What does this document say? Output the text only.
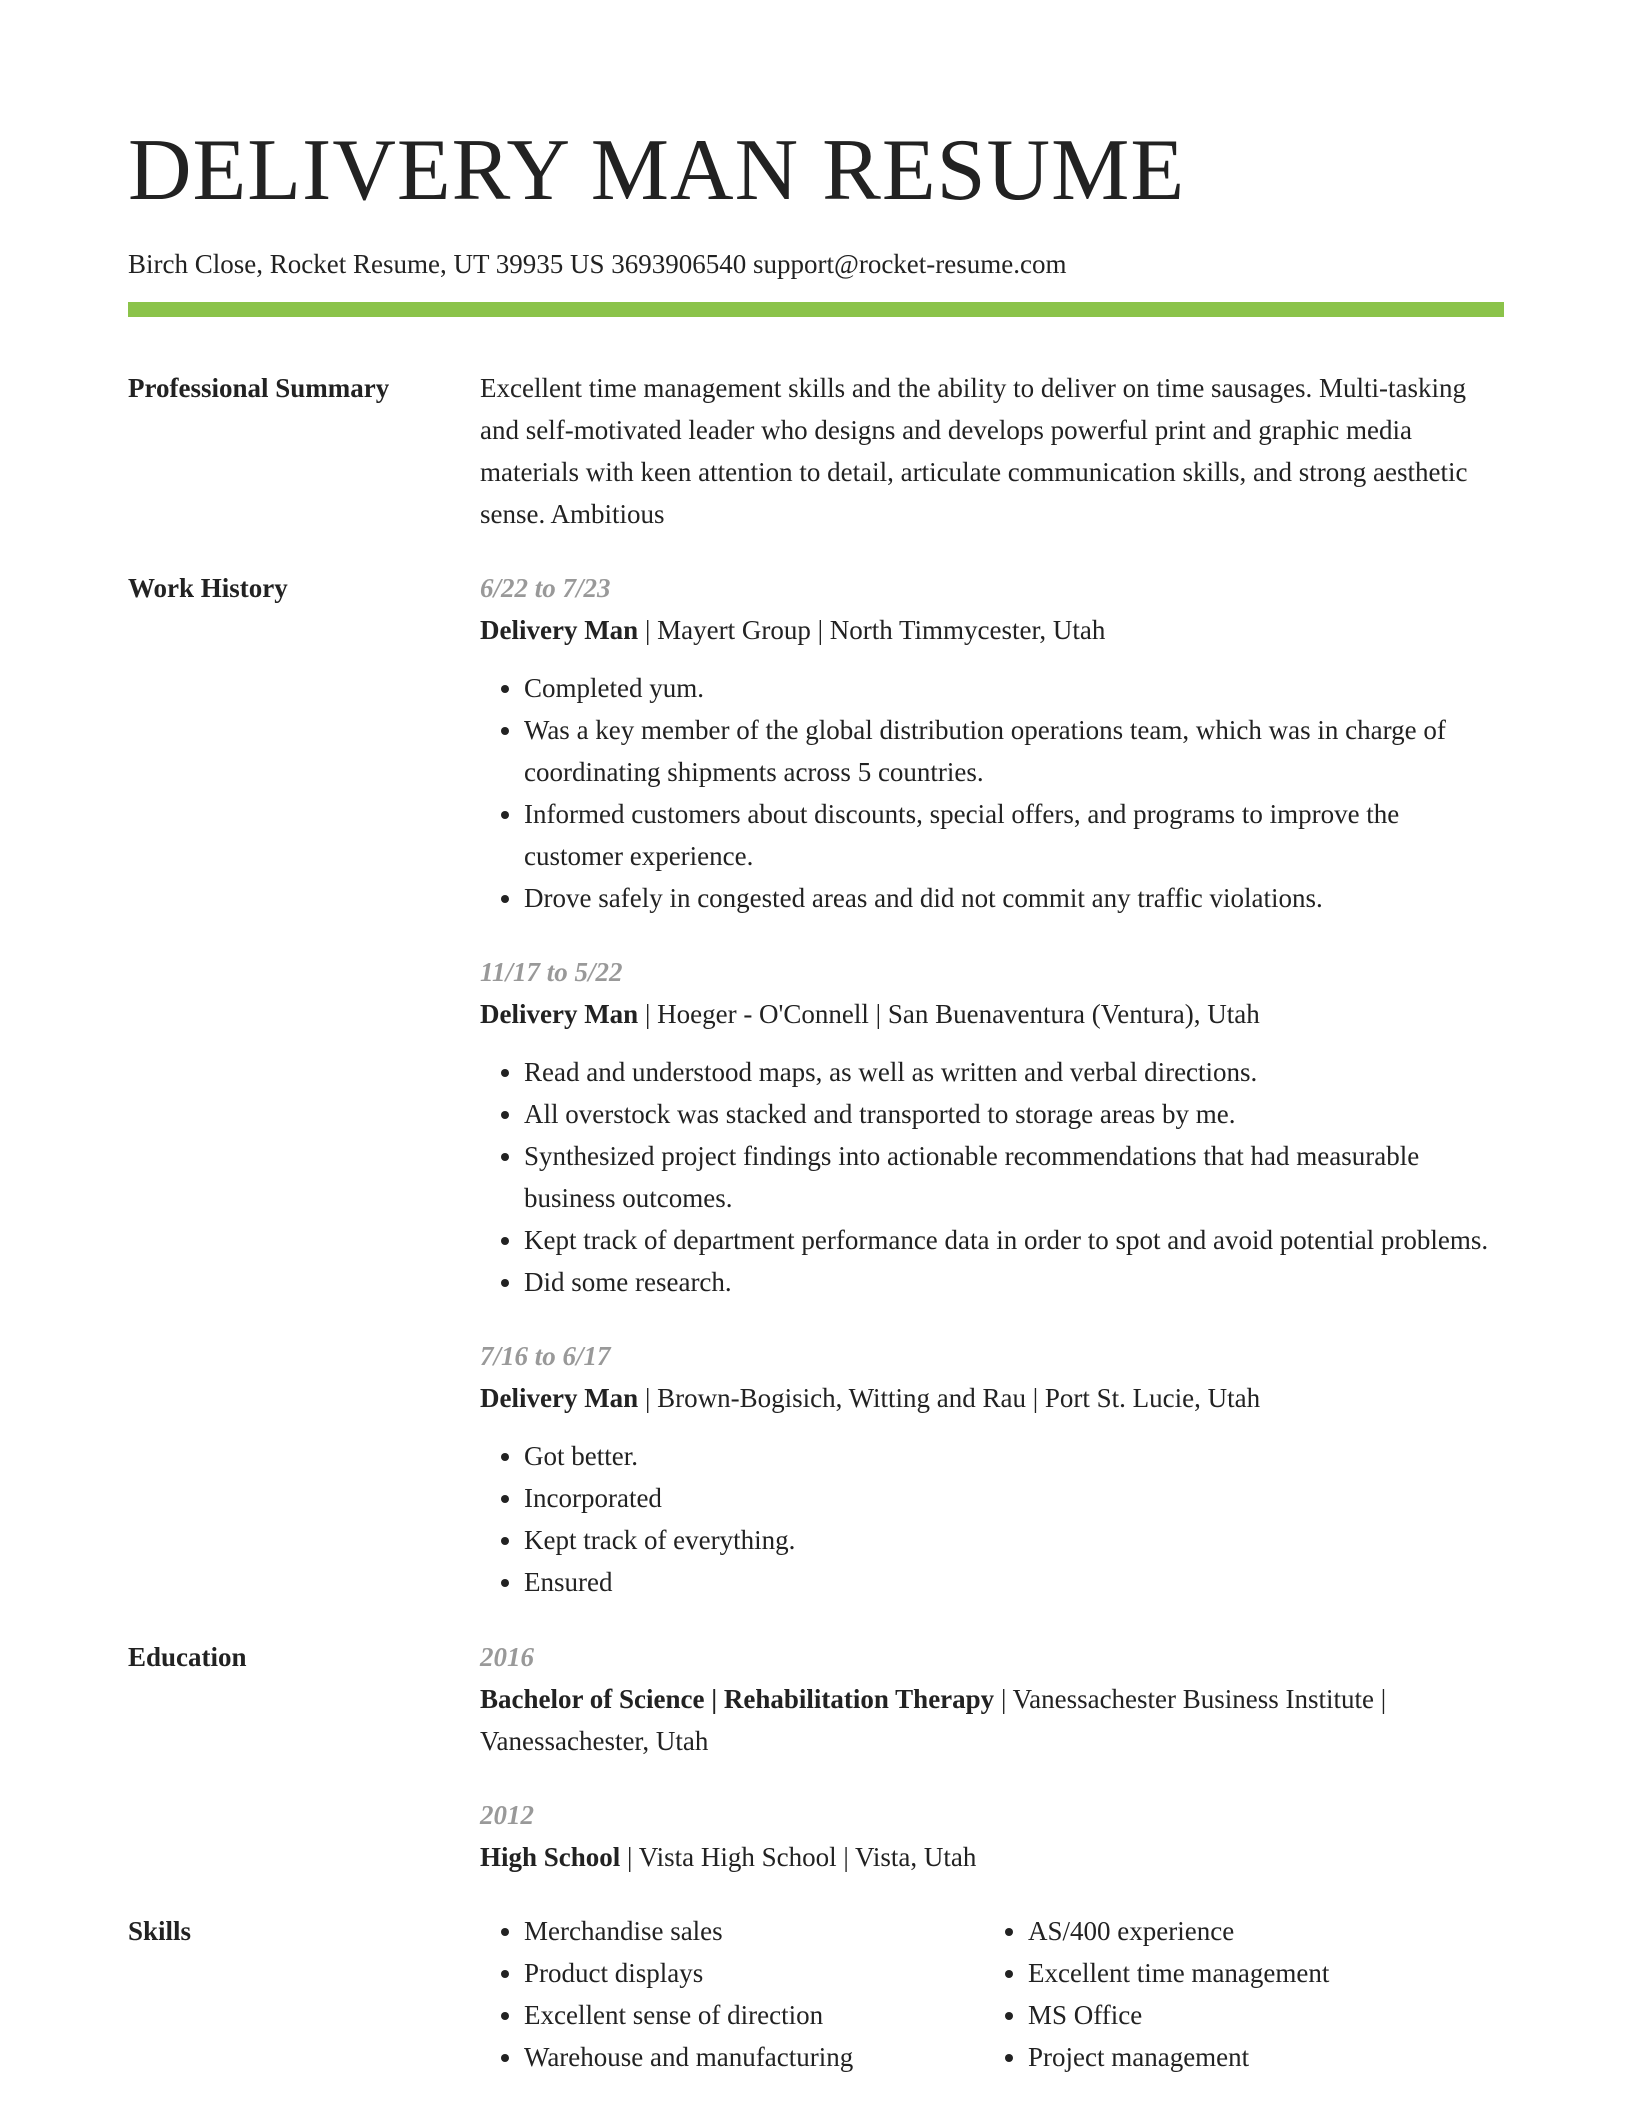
DELIVERY MAN RESUME
Birch Close, Rocket Resume, UT 39935 US 3693906540 support@rocket-resume.com
Professional Summary	Excellent time management skills and the ability to deliver on time sausages. Multi-tasking and self-motivated leader who designs and develops powerful print and graphic media materials with keen attention to detail, articulate communication skills, and strong aesthetic sense. Ambitious
Work History	6/22 to 7/23
Delivery Man | Mayert Group | North Timmycester, Utah
• Completed yum.
• Was a key member of the global distribution operations team, which was in charge of coordinating shipments across 5 countries.
• Informed customers about discounts, special offers, and programs to improve the customer experience.
• Drove safely in congested areas and did not commit any traffic violations.
11/17 to 5/22
Delivery Man | Hoeger - O'Connell | San Buenaventura (Ventura), Utah
• Read and understood maps, as well as written and verbal directions.
• All overstock was stacked and transported to storage areas by me.
• Synthesized project findings into actionable recommendations that had measurable business outcomes.
• Kept track of department performance data in order to spot and avoid potential problems.
• Did some research.
7/16 to 6/17
Delivery Man | Brown-Bogisich, Witting and Rau | Port St. Lucie, Utah
• Got better.
• Incorporated
• Kept track of everything.
• Ensured
Education	2016
Bachelor of Science | Rehabilitation Therapy | Vanessachester Business Institute | Vanessachester, Utah
2012
High School | Vista High School | Vista, Utah
Skills
•	Merchandise sales
• Product displays
• Excellent sense of direction
• Warehouse and manufacturing
• AS/400 experience
• Excellent time management
• MS Office
• Project management
